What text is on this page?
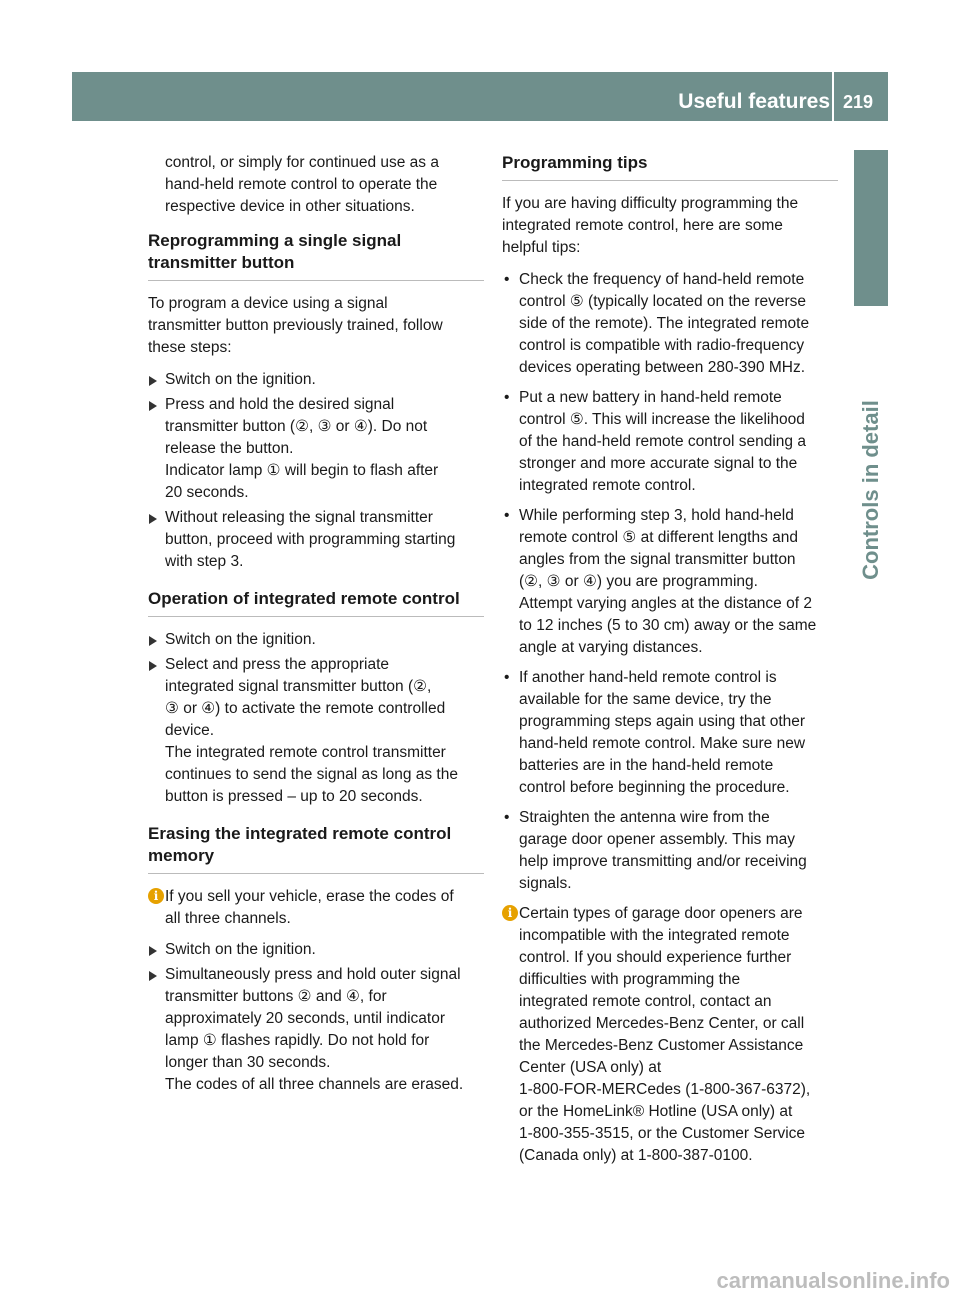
Useful features 219
Controls in detail
control, or simply for continued use as a
hand-held remote control to operate the
respective device in other situations.
Reprogramming a single signal
transmitter button
To program a device using a signal
transmitter button previously trained, follow
these steps:
Switch on the ignition.
Press and hold the desired signal
transmitter button (②, ③ or ④). Do not
release the button.
Indicator lamp ① will begin to flash after
20 seconds.
Without releasing the signal transmitter
button, proceed with programming starting
with step 3.
Operation of integrated remote control
Switch on the ignition.
Select and press the appropriate
integrated signal transmitter button (②,
③ or ④) to activate the remote controlled
device.
The integrated remote control transmitter
continues to send the signal as long as the
button is pressed – up to 20 seconds.
Erasing the integrated remote control
memory
i If you sell your vehicle, erase the codes of
all three channels.
Switch on the ignition.
Simultaneously press and hold outer signal
transmitter buttons ② and ④, for
approximately 20 seconds, until indicator
lamp ① flashes rapidly. Do not hold for
longer than 30 seconds.
The codes of all three channels are erased.
Programming tips
If you are having difficulty programming the
integrated remote control, here are some
helpful tips:
• Check the frequency of hand-held remote
control ⑤ (typically located on the reverse
side of the remote). The integrated remote
control is compatible with radio-frequency
devices operating between 280-390 MHz.
• Put a new battery in hand-held remote
control ⑤. This will increase the likelihood
of the hand-held remote control sending a
stronger and more accurate signal to the
integrated remote control.
• While performing step 3, hold hand-held
remote control ⑤ at different lengths and
angles from the signal transmitter button
(②, ③ or ④) you are programming.
Attempt varying angles at the distance of 2
to 12 inches (5 to 30 cm) away or the same
angle at varying distances.
• If another hand-held remote control is
available for the same device, try the
programming steps again using that other
hand-held remote control. Make sure new
batteries are in the hand-held remote
control before beginning the procedure.
• Straighten the antenna wire from the
garage door opener assembly. This may
help improve transmitting and/or receiving
signals.
i Certain types of garage door openers are
incompatible with the integrated remote
control. If you should experience further
difficulties with programming the
integrated remote control, contact an
authorized Mercedes-Benz Center, or call
the Mercedes-Benz Customer Assistance
Center (USA only) at
1-800-FOR-MERCedes (1-800-367-6372),
or the HomeLink® Hotline (USA only) at
1-800-355-3515, or the Customer Service
(Canada only) at 1-800-387-0100.
carmanualsonline.info
